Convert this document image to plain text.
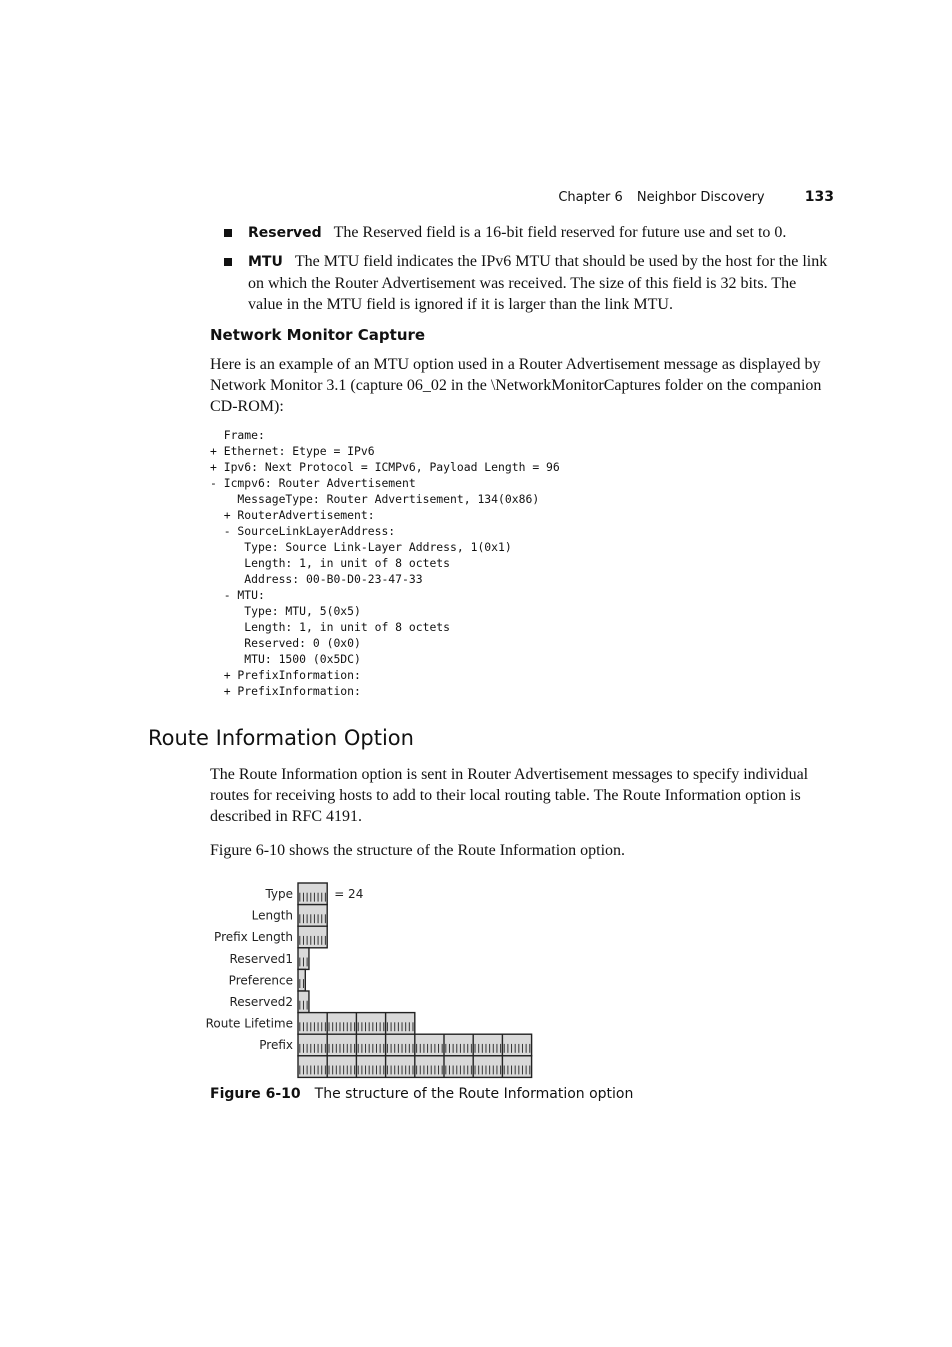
Chapter 6 Neighbor Discovery	133
Reserved The Reserved field is a 16-bit field reserved for future use and set to 0.
MTU The MTU field indicates the IPv6 MTU that should be used by the host for the link on which the Router Advertisement was received. The size of this field is 32 bits. The value in the MTU field is ignored if it is larger than the link MTU.
Network Monitor Capture

Here is an example of an MTU option used in a Router Advertisement message as displayed by Network Monitor 3.1 (capture 06_02 in the \NetworkMonitorCaptures folder on the companion CD-ROM):

Frame:
+ Ethernet: Etype = IPv6
+ Ipv6: Next Protocol = ICMPv6, Payload Length = 96
- Icmpv6: Router Advertisement
MessageType: Router Advertisement, 134(0x86)
+ RouterAdvertisement:
- SourceLinkLayerAddress:
Type: Source Link-Layer Address, 1(0x1)
Length: 1, in unit of 8 octets
Address: 00-B0-D0-23-47-33
- MTU:
Type: MTU, 5(0x5)
Length: 1, in unit of 8 octets
Reserved: 0 (0x0)
MTU: 1500 (0x5DC)
+ PrefixInformation:
+ PrefixInformation:
Route Information Option

The Route Information option is sent in Router Advertisement messages to specify individual routes for receiving hosts to add to their local routing table. The Route Information option is described in RFC 4191.

Figure 6-10 shows the structure of the Route Information option.

Type	= 24
Length
Prefix Length
Reserved1
Preference
Reserved2
Route Lifetime
Prefix
Figure 6-10 The structure of the Route Information option
